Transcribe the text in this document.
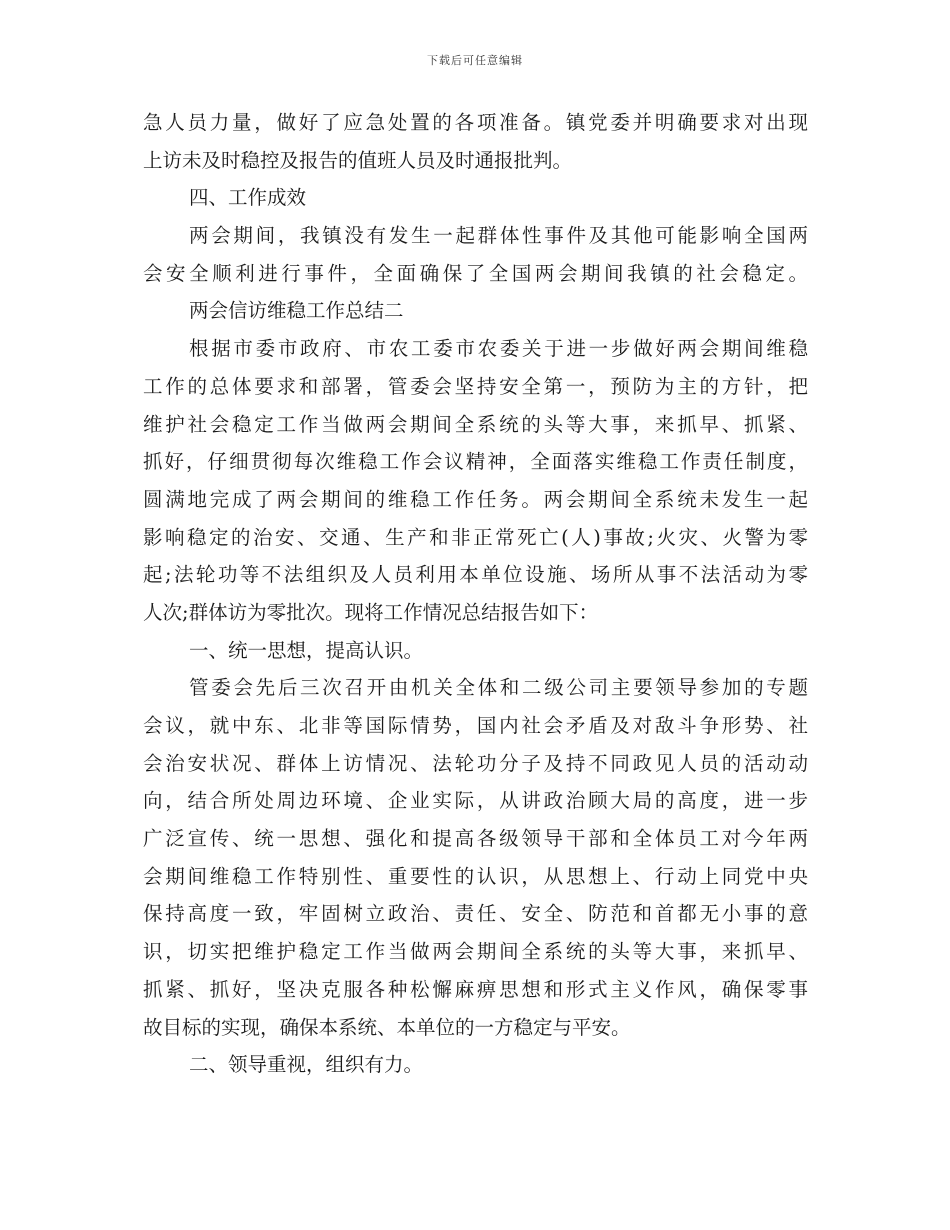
下载后可任意编辑
急人员力量，做好了应急处置的各项准备。镇党委并明确要求对出现
上访未及时稳控及报告的值班人员及时通报批判。
四、工作成效
两会期间，我镇没有发生一起群体性事件及其他可能影响全国两
会安全顺利进行事件，全面确保了全国两会期间我镇的社会稳定。
两会信访维稳工作总结二
根据市委市政府、市农工委市农委关于进一步做好两会期间维稳
工作的总体要求和部署，管委会坚持安全第一，预防为主的方针，把
维护社会稳定工作当做两会期间全系统的头等大事，来抓早、抓紧、
抓好，仔细贯彻每次维稳工作会议精神，全面落实维稳工作责任制度，
圆满地完成了两会期间的维稳工作任务。两会期间全系统未发生一起
影响稳定的治安、交通、生产和非正常死亡(人)事故;火灾、火警为零
起;法轮功等不法组织及人员利用本单位设施、场所从事不法活动为零
人次;群体访为零批次。现将工作情况总结报告如下：
一、统一思想，提高认识。
管委会先后三次召开由机关全体和二级公司主要领导参加的专题
会议，就中东、北非等国际情势，国内社会矛盾及对敌斗争形势、社
会治安状况、群体上访情况、法轮功分子及持不同政见人员的活动动
向，结合所处周边环境、企业实际，从讲政治顾大局的高度，进一步
广泛宣传、统一思想、强化和提高各级领导干部和全体员工对今年两
会期间维稳工作特别性、重要性的认识，从思想上、行动上同党中央
保持高度一致，牢固树立政治、责任、安全、防范和首都无小事的意
识，切实把维护稳定工作当做两会期间全系统的头等大事，来抓早、
抓紧、抓好，坚决克服各种松懈麻痹思想和形式主义作风，确保零事
故目标的实现，确保本系统、本单位的一方稳定与平安。
二、领导重视，组织有力。
